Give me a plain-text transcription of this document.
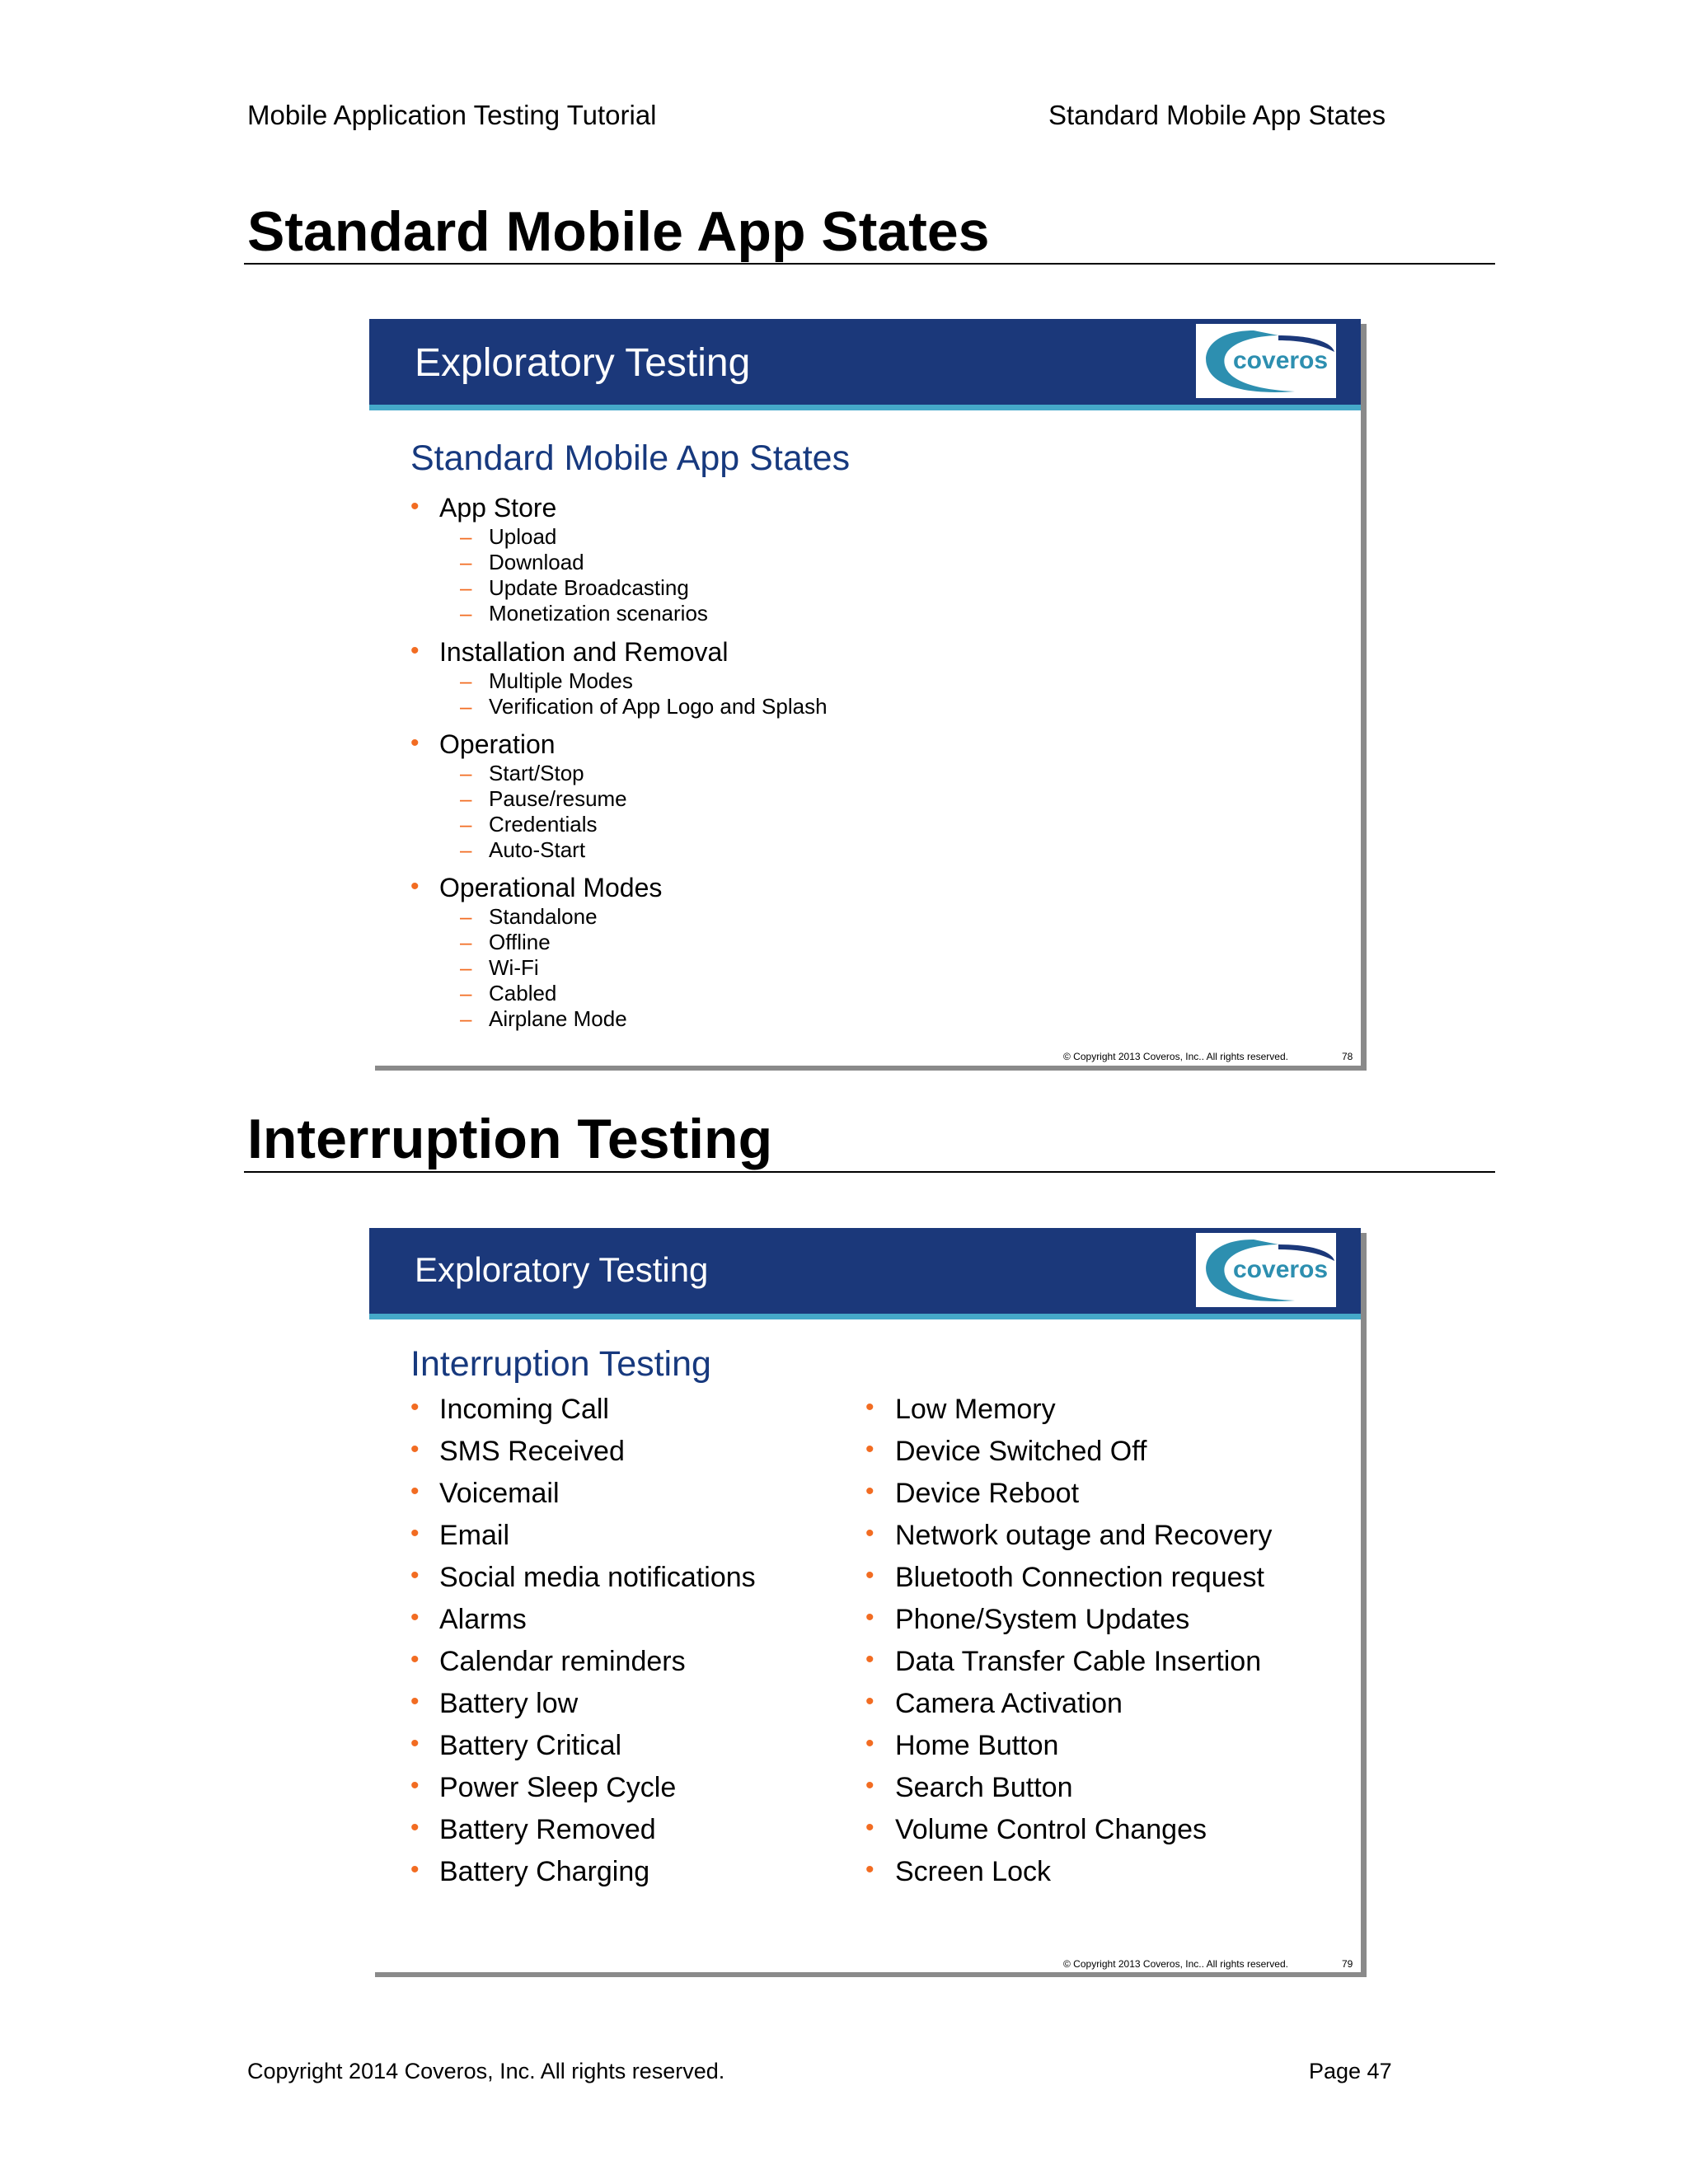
Mobile Application Testing Tutorial	Standard Mobile App States
Standard Mobile App States
Exploratory Testing	coveros
Standard Mobile App States
• App Store
– Upload
– Download
– Update Broadcasting
– Monetization scenarios
• Installation and Removal
– Multiple Modes
– Verification of App Logo and Splash
• Operation
– Start/Stop
– Pause/resume
– Credentials
– Auto-Start
• Operational Modes
– Standalone
– Offline
– Wi-Fi
– Cabled
– Airplane Mode
© Copyright 2013 Coveros, Inc.. All rights reserved.	78
Interruption Testing
Exploratory Testing	coveros
Interruption Testing
• Incoming Call
• SMS Received
• Voicemail
• Email
• Social media notifications
• Alarms
• Calendar reminders
• Battery low
• Battery Critical
• Power Sleep Cycle
• Battery Removed
• Battery Charging
• Low Memory
• Device Switched Off
• Device Reboot
• Network outage and Recovery
• Bluetooth Connection request
• Phone/System Updates
• Data Transfer Cable Insertion
• Camera Activation
• Home Button
• Search Button
• Volume Control Changes
• Screen Lock
© Copyright 2013 Coveros, Inc.. All rights reserved.	79
Copyright 2014 Coveros, Inc. All rights reserved.	Page 47
